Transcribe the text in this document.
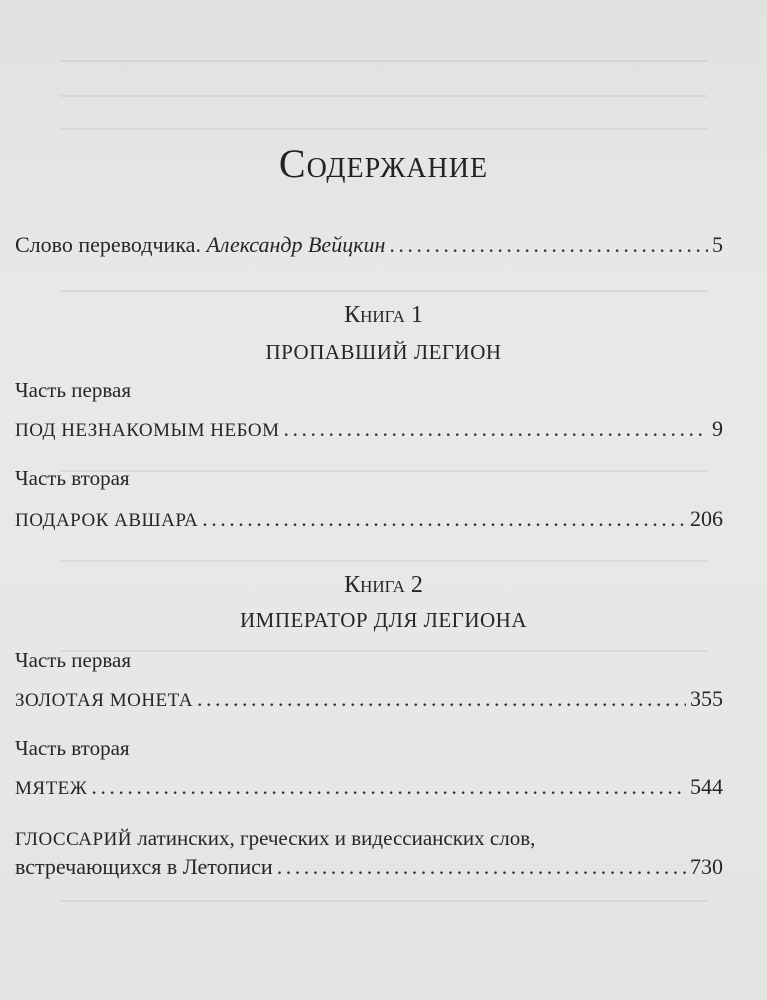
Содержание
Слово переводчика. Александр Вейцкин . . .	5
Книга 1
ПРОПАВШИЙ ЛЕГИОН
Часть первая
ПОД НЕЗНАКОМЫМ НЕБОМ . . .	9
Часть вторая
ПОДАРОК АВШАРА . . .	206
Книга 2
ИМПЕРАТОР ДЛЯ ЛЕГИОНА
Часть первая
ЗОЛОТАЯ МОНЕТА . . .	355
Часть вторая
МЯТЕЖ . . .	544
ГЛОССАРИЙ латинских, греческих и видессианских слов,
встречающихся в Летописи . . .	730
